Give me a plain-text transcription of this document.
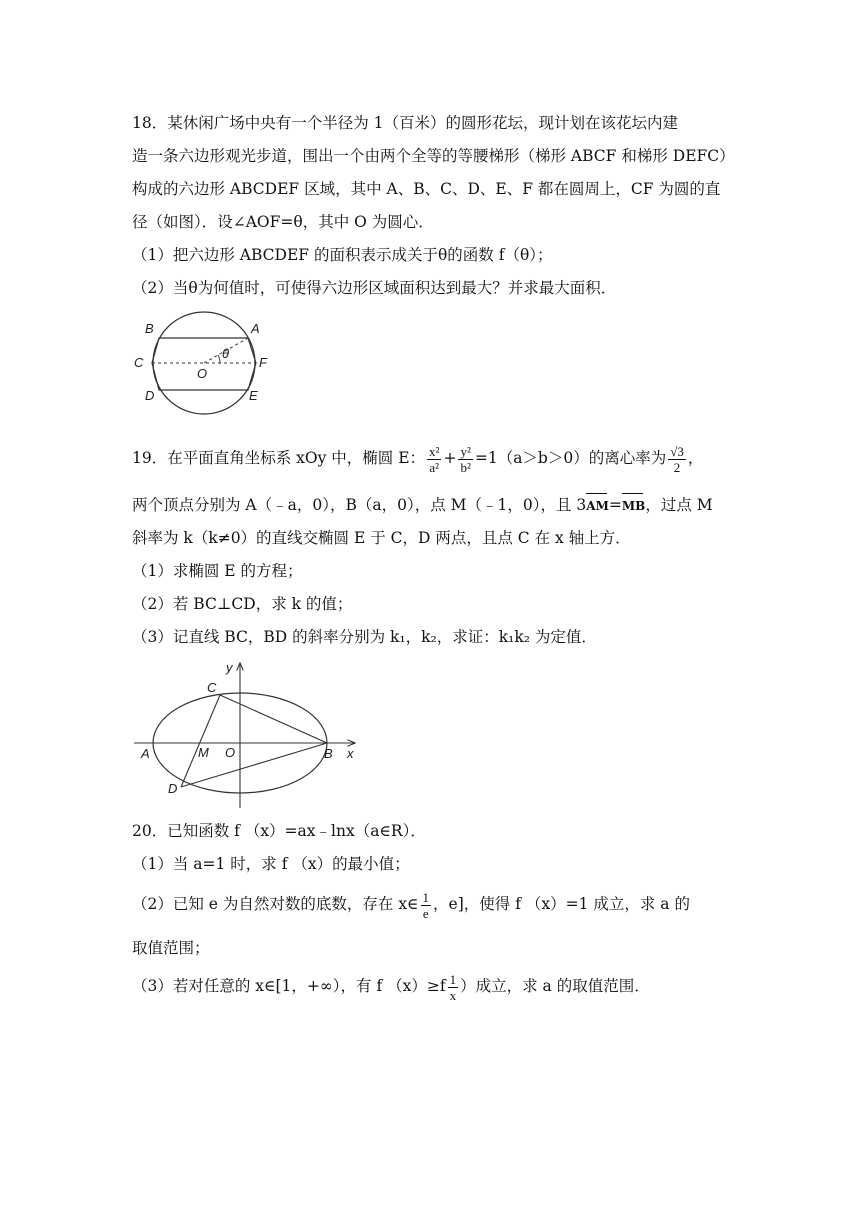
18．某休闲广场中央有一个半径为 1（百米）的圆形花坛，现计划在该花坛内建
造一条六边形观光步道，围出一个由两个全等的等腰梯形（梯形 ABCF 和梯形 DEFC）
构成的六边形 ABCDEF 区域，其中 A、B、C、D、E、F 都在圆周上，CF 为圆的直
径（如图）．设∠AOF=θ，其中 O 为圆心．
（1）把六边形 ABCDEF 的面积表示成关于θ的函数 f（θ）；
（2）当θ为何值时，可使得六边形区域面积达到最大？并求最大面积．
B	A
C	F
O
θ
D	E
19．在平面直角坐标系 xOy 中，椭圆 E： $\frac{\text{x²}}{\text{a²}} + \frac{\text{y²}}{\text{b²}} =1(a>b>0)$的离心率为 $\frac{√3}{2}$ ，
两个顶点分别为 A（﹣a，0），B（a，0），点 M（﹣1，0），且 3AM=MB，过点 M
斜率为 k（k≠0）的直线交椭圆 E 于 C，D 两点，且点 C 在 x 轴上方．
（1）求椭圆 E 的方程；
（2）若 BC⊥CD，求 k 的值；
（3）记直线 BC，BD 的斜率分别为 k₁，k₂，求证：k₁k₂ 为定值．
y
x
C
A	M O	B
D
20．已知函数 f （x）=ax﹣lnx（a∈R）．
（1）当 a=1 时，求 f （x）的最小值；
（2）已知 e 为自然对数的底数，存在 x∈ $\frac{1}{e}$ ，e]，使得 f （x）=1 成立，求 a 的
取值范围；
（3）若对任意的 x∈[1，+∞），有 f $(x)\ge f \frac{1}{x}$ ）成立，求 a 的取值范围．
